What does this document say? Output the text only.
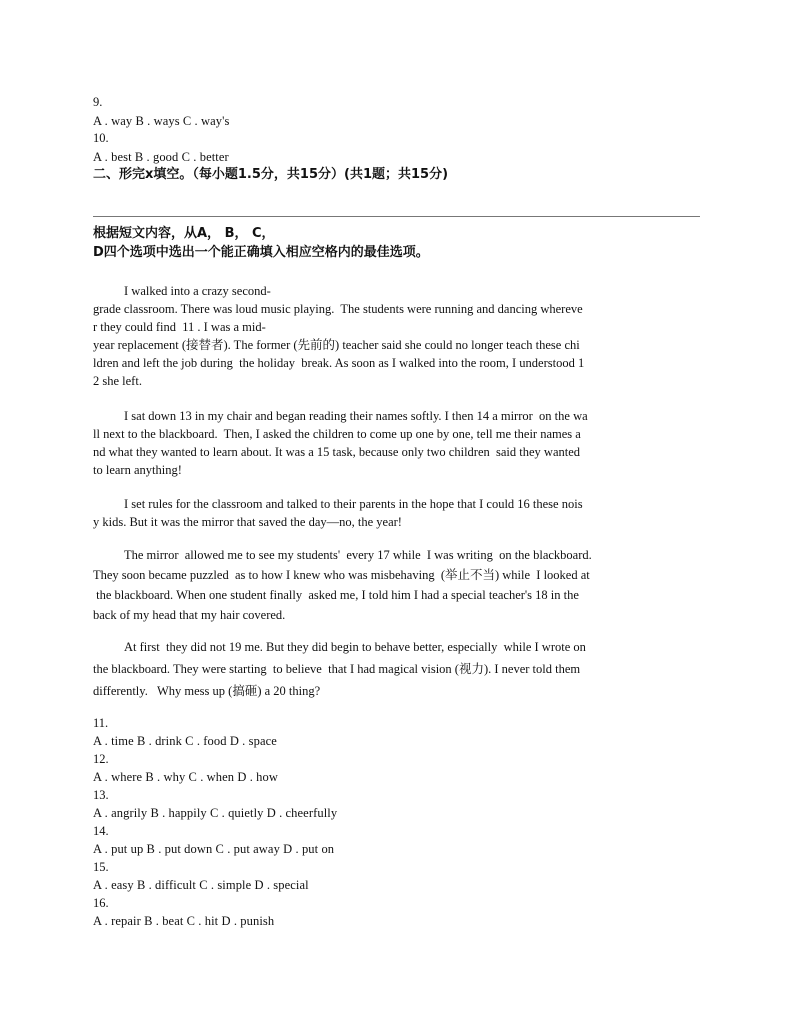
9.
A . way B . ways C . way's
10.
A . best B . good C . better
二、形完x填空。（每小题1.5分，共15分）(共1题；共15分)
根据短文内容，从A， B， C，
D四个选项中选出一个能正确填入相应空格内的最佳选项。

I walked into a crazy second-

grade classroom. There was loud music playing.  The students were running and dancing whereve

r they could find  11 . I was a mid-

year replacement (接替者). The former (先前的) teacher said she could no longer teach these chi

ldren and left the job during  the holiday  break. As soon as I walked into the room, I understood 1

2 she left.

I sat down 13 in my chair and began reading their names softly. I then 14 a mirror  on the wa

ll next to the blackboard.  Then, I asked the children to come up one by one, tell me their names a

nd what they wanted to learn about. It was a 15 task, because only two children  said they wanted

to learn anything!

I set rules for the classroom and talked to their parents in the hope that I could 16 these nois

y kids. But it was the mirror that saved the day—no, the year!

The mirror  allowed me to see my students'  every 17 while  I was writing  on the blackboard.

They soon became puzzled  as to how I knew who was misbehaving  (举止不当) while  I looked at

the blackboard. When one student finally  asked me, I told him I had a special teacher's 18 in the

back of my head that my hair covered.

At first  they did not 19 me. But they did begin to behave better, especially  while I wrote on

the blackboard. They were starting  to believe  that I had magical vision (视力). I never told them

differently.   Why mess up (搞砸) a 20 thing?

11.
A . time B . drink C . food D . space
12.
A . where B . why C . when D . how
13.
A . angrily B . happily C . quietly D . cheerfully
14.
A . put up B . put down C . put away D . put on
15.
A . easy B . difficult C . simple D . special
16.
A . repair B . beat C . hit D . punish
